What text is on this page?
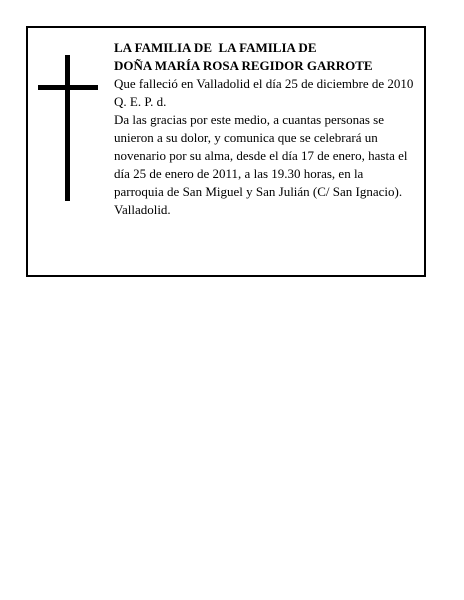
LA FAMILIA DE  LA FAMILIA DE

DOÑA MARÍA ROSA REGIDOR GARROTE

Que falleció en Valladolid el día 25 de diciembre de 2010

Q. E. P. d.

Da las gracias por este medio, a cuantas personas se unieron a su dolor, y comunica que se celebrará un novenario por su alma, desde el día 17 de enero, hasta el día 25 de enero de 2011, a las 19.30 horas, en la parroquia de San Miguel y San Julián (C/ San Ignacio). Valladolid.
